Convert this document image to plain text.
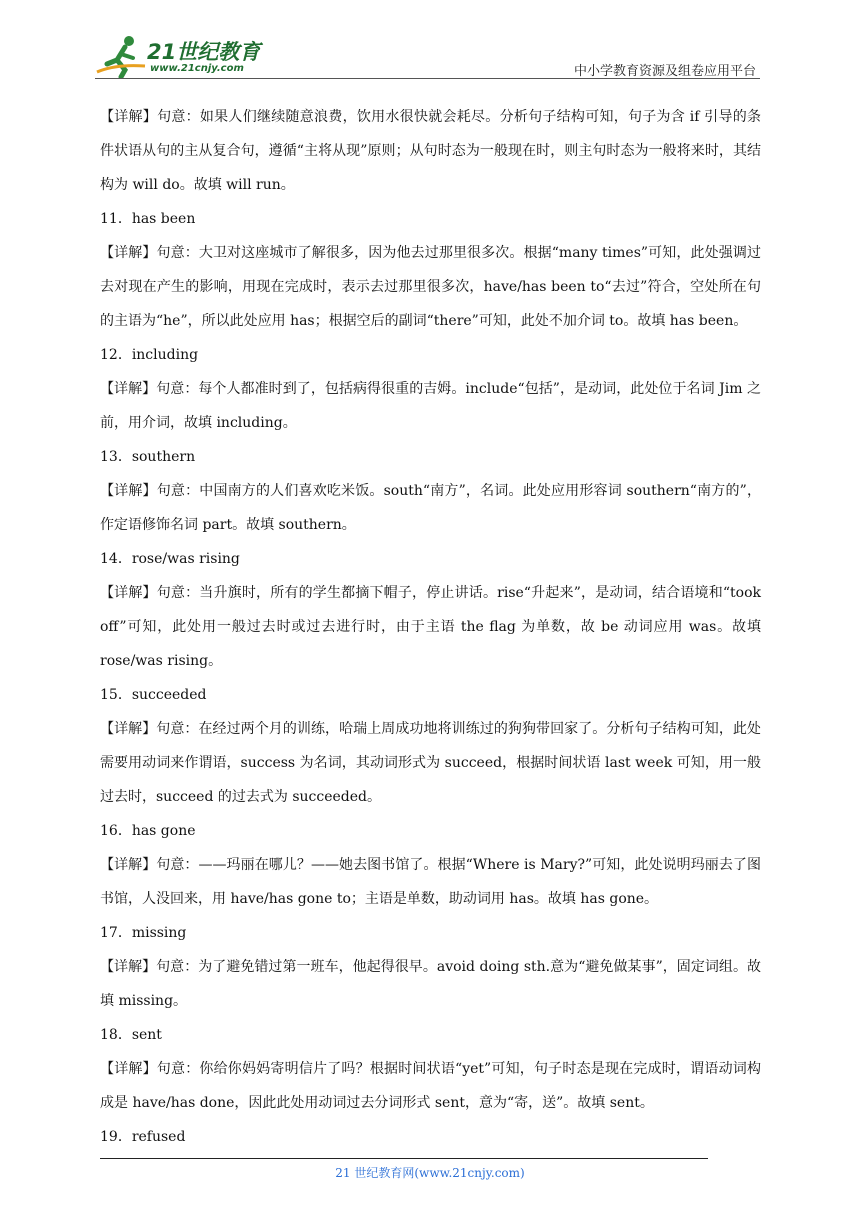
21世纪教育
www.21cnjy.com	中小学教育资源及组卷应用平台

【详解】句意：如果人们继续随意浪费，饮用水很快就会耗尽。分析句子结构可知，句子为含 if 引导的条件状语从句的主从复合句，遵循“主将从现”原则；从句时态为一般现在时，则主句时态为一般将来时，其结构为 will do。故填 will run。

11．has been

【详解】句意：大卫对这座城市了解很多，因为他去过那里很多次。根据“many times”可知，此处强调过去对现在产生的影响，用现在完成时，表示去过那里很多次，have/has been to“去过”符合，空处所在句的主语为“he”，所以此处应用 has；根据空后的副词“there”可知，此处不加介词 to。故填 has been。

12．including

【详解】句意：每个人都准时到了，包括病得很重的吉姆。include“包括”，是动词，此处位于名词 Jim 之前，用介词，故填 including。

13．southern

【详解】句意：中国南方的人们喜欢吃米饭。south“南方”，名词。此处应用形容词 southern“南方的”，作定语修饰名词 part。故填 southern。

14．rose/was rising

【详解】句意：当升旗时，所有的学生都摘下帽子，停止讲话。rise“升起来”，是动词，结合语境和“took off”可知，此处用一般过去时或过去进行时，由于主语 the flag 为单数，故 be 动词应用 was。故填 rose/was rising。

15．succeeded

【详解】句意：在经过两个月的训练，哈瑞上周成功地将训练过的狗狗带回家了。分析句子结构可知，此处需要用动词来作谓语，success 为名词，其动词形式为 succeed，根据时间状语 last week 可知，用一般过去时，succeed 的过去式为 succeeded。

16．has gone

【详解】句意：——玛丽在哪儿？——她去图书馆了。根据“Where is Mary?”可知，此处说明玛丽去了图书馆，人没回来，用 have/has gone to；主语是单数，助动词用 has。故填 has gone。

17．missing

【详解】句意：为了避免错过第一班车，他起得很早。avoid doing sth.意为“避免做某事”，固定词组。故填 missing。

18．sent

【详解】句意：你给你妈妈寄明信片了吗？根据时间状语“yet”可知，句子时态是现在完成时，谓语动词构成是 have/has done，因此此处用动词过去分词形式 sent，意为“寄，送”。故填 sent。

19．refused

21 世纪教育网(www.21cnjy.com)
